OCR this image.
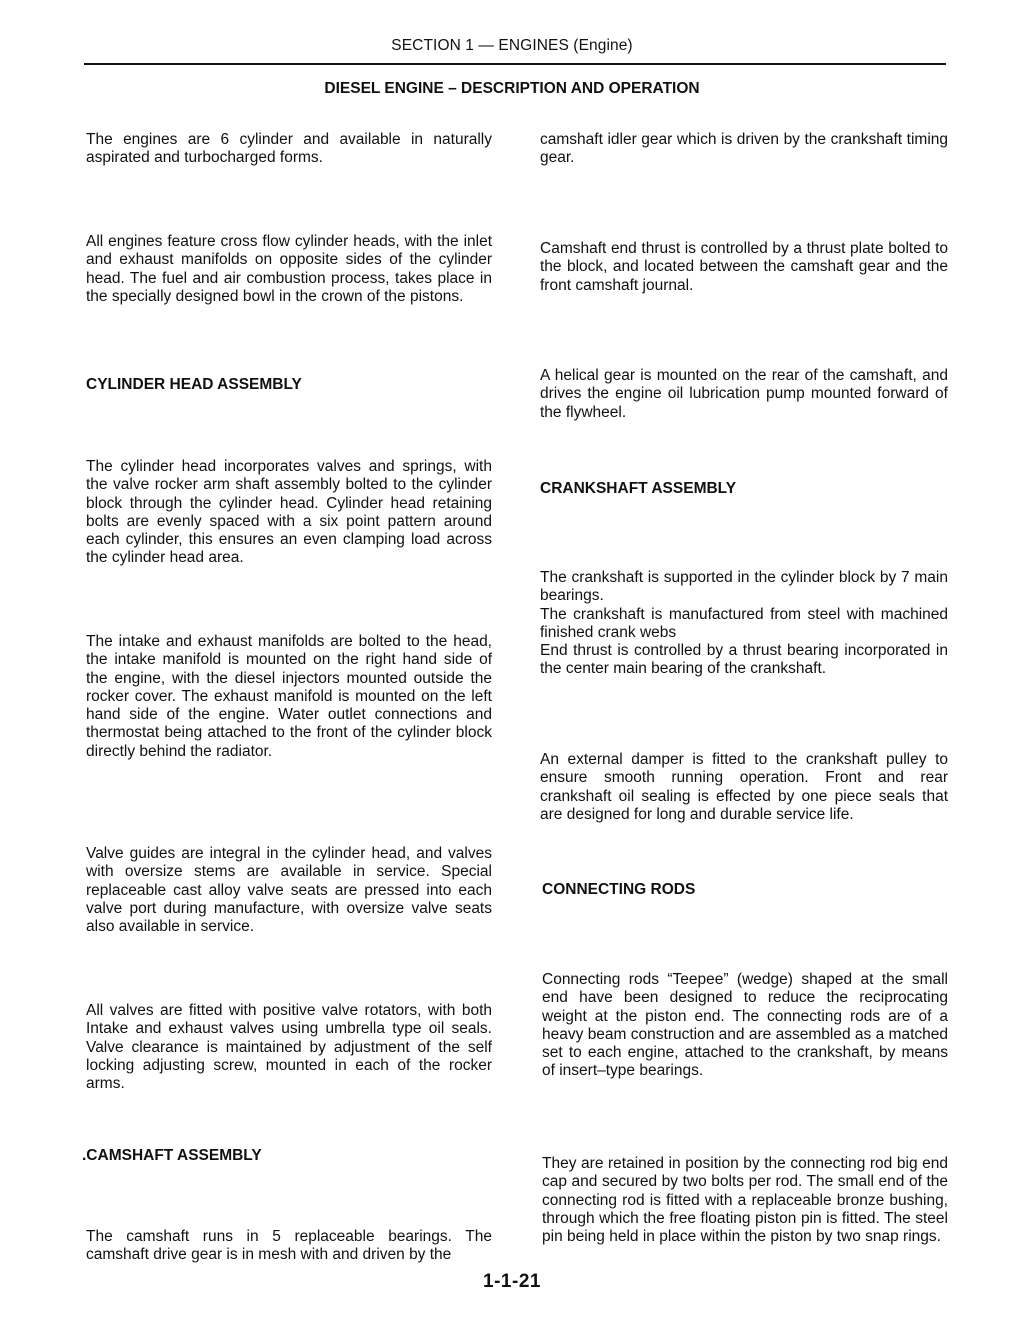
SECTION 1 — ENGINES (Engine)
DIESEL ENGINE – DESCRIPTION AND OPERATION
The engines are 6 cylinder and available in naturally aspirated and turbocharged forms.
All engines feature cross flow cylinder heads, with the inlet and exhaust manifolds on opposite sides of the cylinder head. The fuel and air combustion process, takes place in the specially designed bowl in the crown of the pistons.
CYLINDER HEAD ASSEMBLY
The cylinder head incorporates valves and springs, with the valve rocker arm shaft assembly bolted to the cylinder block through the cylinder head. Cylinder head retaining bolts are evenly spaced with a six point pattern around each cylinder, this ensures an even clamping load across the cylinder head area.
The intake and exhaust manifolds are bolted to the head, the intake manifold is mounted on the right hand side of the engine, with the diesel injectors mounted outside the rocker cover. The exhaust manifold is mounted on the left hand side of the engine. Water outlet connections and thermostat being attached to the front of the cylinder block directly behind the radiator.
Valve guides are integral in the cylinder head, and valves with oversize stems are available in service. Special replaceable cast alloy valve seats are pressed into each valve port during manufacture, with oversize valve seats also available in service.
All valves are fitted with positive valve rotators, with both Intake and exhaust valves using umbrella type oil seals. Valve clearance is maintained by adjustment of the self locking adjusting screw, mounted in each of the rocker arms.
.CAMSHAFT ASSEMBLY
The camshaft runs in 5 replaceable bearings. The camshaft drive gear is in mesh with and driven by the
camshaft idler gear which is driven by the crankshaft timing gear.
Camshaft end thrust is controlled by a thrust plate bolted to the block, and located between the camshaft gear and the front camshaft journal.
A helical gear is mounted on the rear of the camshaft, and drives the engine oil lubrication pump mounted forward of the flywheel.
CRANKSHAFT ASSEMBLY
The crankshaft is supported in the cylinder block by 7 main bearings.
The crankshaft is manufactured from steel with machined finished crank webs
End thrust is controlled by a thrust bearing incorporated in the center main bearing of the crankshaft.
An external damper is fitted to the crankshaft pulley to ensure smooth running operation. Front and rear crankshaft oil sealing is effected by one piece seals that are designed for long and durable service life.
CONNECTING RODS
Connecting rods “Teepee” (wedge) shaped at the small end have been designed to reduce the reciprocating weight at the piston end. The connecting rods are of a heavy beam construction and are assembled as a matched set to each engine, attached to the crankshaft, by means of insert–type bearings.
They are retained in position by the connecting rod big end cap and secured by two bolts per rod. The small end of the connecting rod is fitted with a replaceable bronze bushing, through which the free floating piston pin is fitted. The steel pin being held in place within the piston by two snap rings.
1-1-21
